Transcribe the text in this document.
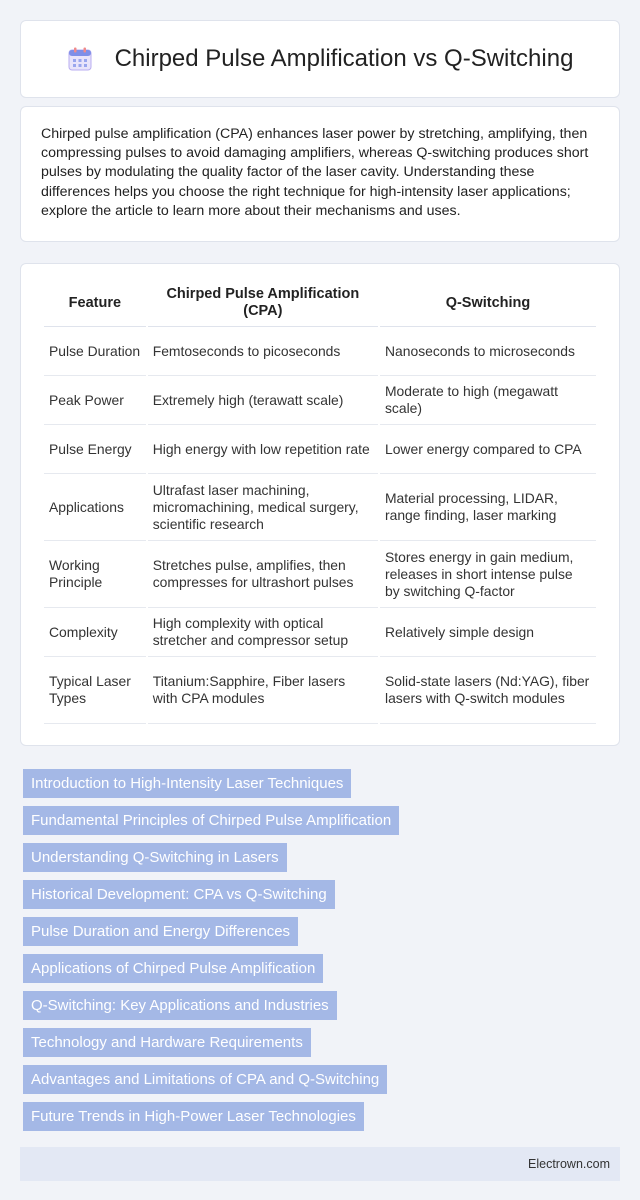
Chirped Pulse Amplification vs Q-Switching

Chirped pulse amplification (CPA) enhances laser power by stretching, amplifying, then compressing pulses to avoid damaging amplifiers, whereas Q-switching produces short pulses by modulating the quality factor of the laser cavity. Understanding these differences helps you choose the right technique for high-intensity laser applications; explore the article to learn more about their mechanisms and uses.

Feature	Chirped Pulse Amplification (CPA)	Q-Switching
Pulse Duration	Femtoseconds to picoseconds	Nanoseconds to microseconds
Peak Power	Extremely high (terawatt scale)	Moderate to high (megawatt scale)
Pulse Energy	High energy with low repetition rate	Lower energy compared to CPA
Applications	Ultrafast laser machining, micromachining, medical surgery, scientific research	Material processing, LIDAR, range finding, laser marking
Working Principle	Stretches pulse, amplifies, then compresses for ultrashort pulses	Stores energy in gain medium, releases in short intense pulse by switching Q-factor
Complexity	High complexity with optical stretcher and compressor setup	Relatively simple design
Typical Laser Types	Titanium:Sapphire, Fiber lasers with CPA modules	Solid-state lasers (Nd:YAG), fiber lasers with Q-switch modules
Introduction to High-Intensity Laser Techniques
Fundamental Principles of Chirped Pulse Amplification
Understanding Q-Switching in Lasers
Historical Development: CPA vs Q-Switching
Pulse Duration and Energy Differences
Applications of Chirped Pulse Amplification
Q-Switching: Key Applications and Industries
Technology and Hardware Requirements
Advantages and Limitations of CPA and Q-Switching
Future Trends in High-Power Laser Technologies
Electrown.com
